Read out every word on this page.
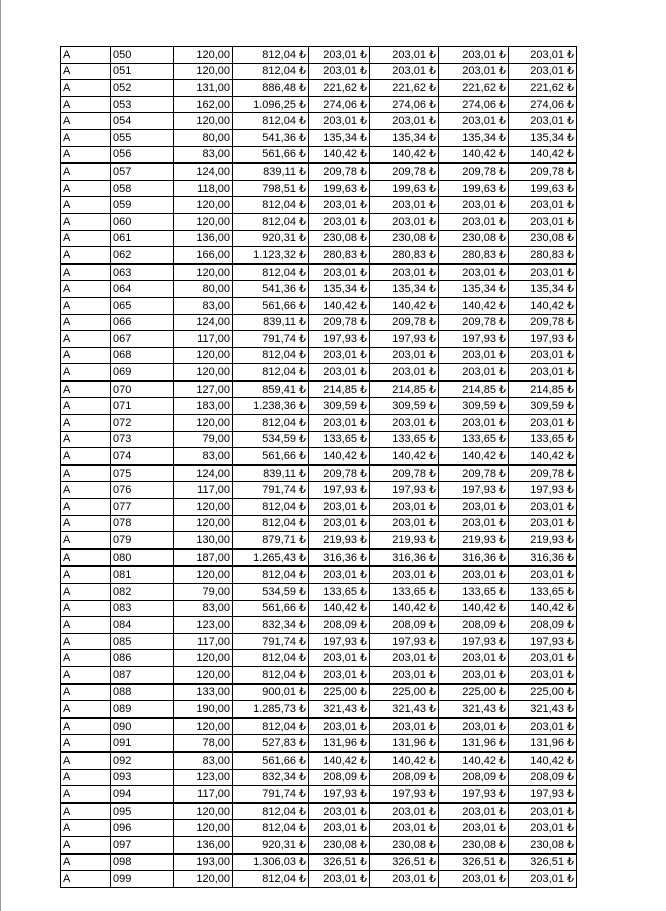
A	050	120,00	812,04 ₺	203,01 ₺	203,01 ₺	203,01 ₺	203,01 ₺
A	051	120,00	812,04 ₺	203,01 ₺	203,01 ₺	203,01 ₺	203,01 ₺
A	052	131,00	886,48 ₺	221,62 ₺	221,62 ₺	221,62 ₺	221,62 ₺
A	053	162,00	1.096,25 ₺	274,06 ₺	274,06 ₺	274,06 ₺	274,06 ₺
A	054	120,00	812,04 ₺	203,01 ₺	203,01 ₺	203,01 ₺	203,01 ₺
A	055	80,00	541,36 ₺	135,34 ₺	135,34 ₺	135,34 ₺	135,34 ₺
A	056	83,00	561,66 ₺	140,42 ₺	140,42 ₺	140,42 ₺	140,42 ₺
A	057	124,00	839,11 ₺	209,78 ₺	209,78 ₺	209,78 ₺	209,78 ₺
A	058	118,00	798,51 ₺	199,63 ₺	199,63 ₺	199,63 ₺	199,63 ₺
A	059	120,00	812,04 ₺	203,01 ₺	203,01 ₺	203,01 ₺	203,01 ₺
A	060	120,00	812,04 ₺	203,01 ₺	203,01 ₺	203,01 ₺	203,01 ₺
A	061	136,00	920,31 ₺	230,08 ₺	230,08 ₺	230,08 ₺	230,08 ₺
A	062	166,00	1.123,32 ₺	280,83 ₺	280,83 ₺	280,83 ₺	280,83 ₺
A	063	120,00	812,04 ₺	203,01 ₺	203,01 ₺	203,01 ₺	203,01 ₺
A	064	80,00	541,36 ₺	135,34 ₺	135,34 ₺	135,34 ₺	135,34 ₺
A	065	83,00	561,66 ₺	140,42 ₺	140,42 ₺	140,42 ₺	140,42 ₺
A	066	124,00	839,11 ₺	209,78 ₺	209,78 ₺	209,78 ₺	209,78 ₺
A	067	117,00	791,74 ₺	197,93 ₺	197,93 ₺	197,93 ₺	197,93 ₺
A	068	120,00	812,04 ₺	203,01 ₺	203,01 ₺	203,01 ₺	203,01 ₺
A	069	120,00	812,04 ₺	203,01 ₺	203,01 ₺	203,01 ₺	203,01 ₺
A	070	127,00	859,41 ₺	214,85 ₺	214,85 ₺	214,85 ₺	214,85 ₺
A	071	183,00	1.238,36 ₺	309,59 ₺	309,59 ₺	309,59 ₺	309,59 ₺
A	072	120,00	812,04 ₺	203,01 ₺	203,01 ₺	203,01 ₺	203,01 ₺
A	073	79,00	534,59 ₺	133,65 ₺	133,65 ₺	133,65 ₺	133,65 ₺
A	074	83,00	561,66 ₺	140,42 ₺	140,42 ₺	140,42 ₺	140,42 ₺
A	075	124,00	839,11 ₺	209,78 ₺	209,78 ₺	209,78 ₺	209,78 ₺
A	076	117,00	791,74 ₺	197,93 ₺	197,93 ₺	197,93 ₺	197,93 ₺
A	077	120,00	812,04 ₺	203,01 ₺	203,01 ₺	203,01 ₺	203,01 ₺
A	078	120,00	812,04 ₺	203,01 ₺	203,01 ₺	203,01 ₺	203,01 ₺
A	079	130,00	879,71 ₺	219,93 ₺	219,93 ₺	219,93 ₺	219,93 ₺
A	080	187,00	1.265,43 ₺	316,36 ₺	316,36 ₺	316,36 ₺	316,36 ₺
A	081	120,00	812,04 ₺	203,01 ₺	203,01 ₺	203,01 ₺	203,01 ₺
A	082	79,00	534,59 ₺	133,65 ₺	133,65 ₺	133,65 ₺	133,65 ₺
A	083	83,00	561,66 ₺	140,42 ₺	140,42 ₺	140,42 ₺	140,42 ₺
A	084	123,00	832,34 ₺	208,09 ₺	208,09 ₺	208,09 ₺	208,09 ₺
A	085	117,00	791,74 ₺	197,93 ₺	197,93 ₺	197,93 ₺	197,93 ₺
A	086	120,00	812,04 ₺	203,01 ₺	203,01 ₺	203,01 ₺	203,01 ₺
A	087	120,00	812,04 ₺	203,01 ₺	203,01 ₺	203,01 ₺	203,01 ₺
A	088	133,00	900,01 ₺	225,00 ₺	225,00 ₺	225,00 ₺	225,00 ₺
A	089	190,00	1.285,73 ₺	321,43 ₺	321,43 ₺	321,43 ₺	321,43 ₺
A	090	120,00	812,04 ₺	203,01 ₺	203,01 ₺	203,01 ₺	203,01 ₺
A	091	78,00	527,83 ₺	131,96 ₺	131,96 ₺	131,96 ₺	131,96 ₺
A	092	83,00	561,66 ₺	140,42 ₺	140,42 ₺	140,42 ₺	140,42 ₺
A	093	123,00	832,34 ₺	208,09 ₺	208,09 ₺	208,09 ₺	208,09 ₺
A	094	117,00	791,74 ₺	197,93 ₺	197,93 ₺	197,93 ₺	197,93 ₺
A	095	120,00	812,04 ₺	203,01 ₺	203,01 ₺	203,01 ₺	203,01 ₺
A	096	120,00	812,04 ₺	203,01 ₺	203,01 ₺	203,01 ₺	203,01 ₺
A	097	136,00	920,31 ₺	230,08 ₺	230,08 ₺	230,08 ₺	230,08 ₺
A	098	193,00	1.306,03 ₺	326,51 ₺	326,51 ₺	326,51 ₺	326,51 ₺
A	099	120,00	812,04 ₺	203,01 ₺	203,01 ₺	203,01 ₺	203,01 ₺
